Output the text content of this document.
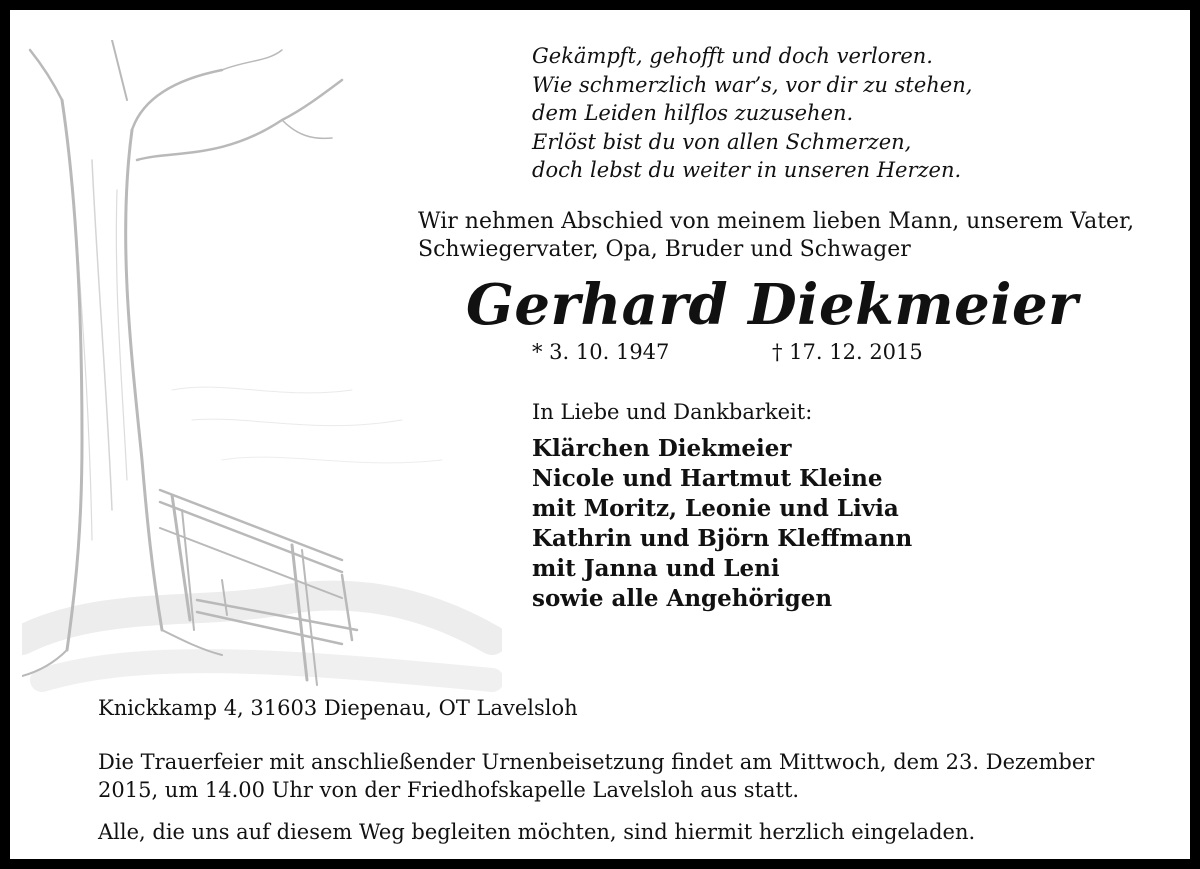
Gekämpft, gehofft und doch verloren.
Wie schmerzlich war’s, vor dir zu stehen,
dem Leiden hilflos zuzusehen.
Erlöst bist du von allen Schmerzen,
doch lebst du weiter in unseren Herzen.
Wir nehmen Abschied von meinem lieben Mann, unserem Vater,
Schwiegervater, Opa, Bruder und Schwager
Gerhard Diekmeier
* 3. 10. 1947	† 17. 12. 2015
In Liebe und Dankbarkeit:
Klärchen Diekmeier
Nicole und Hartmut Kleine
mit Moritz, Leonie und Livia
Kathrin und Björn Kleffmann
mit Janna und Leni
sowie alle Angehörigen
Knickkamp 4, 31603 Diepenau, OT Lavelsloh
Die Trauerfeier mit anschließender Urnenbeisetzung findet am Mittwoch, dem 23. Dezember
2015, um 14.00 Uhr von der Friedhofskapelle Lavelsloh aus statt.
Alle, die uns auf diesem Weg begleiten möchten, sind hiermit herzlich eingeladen.
